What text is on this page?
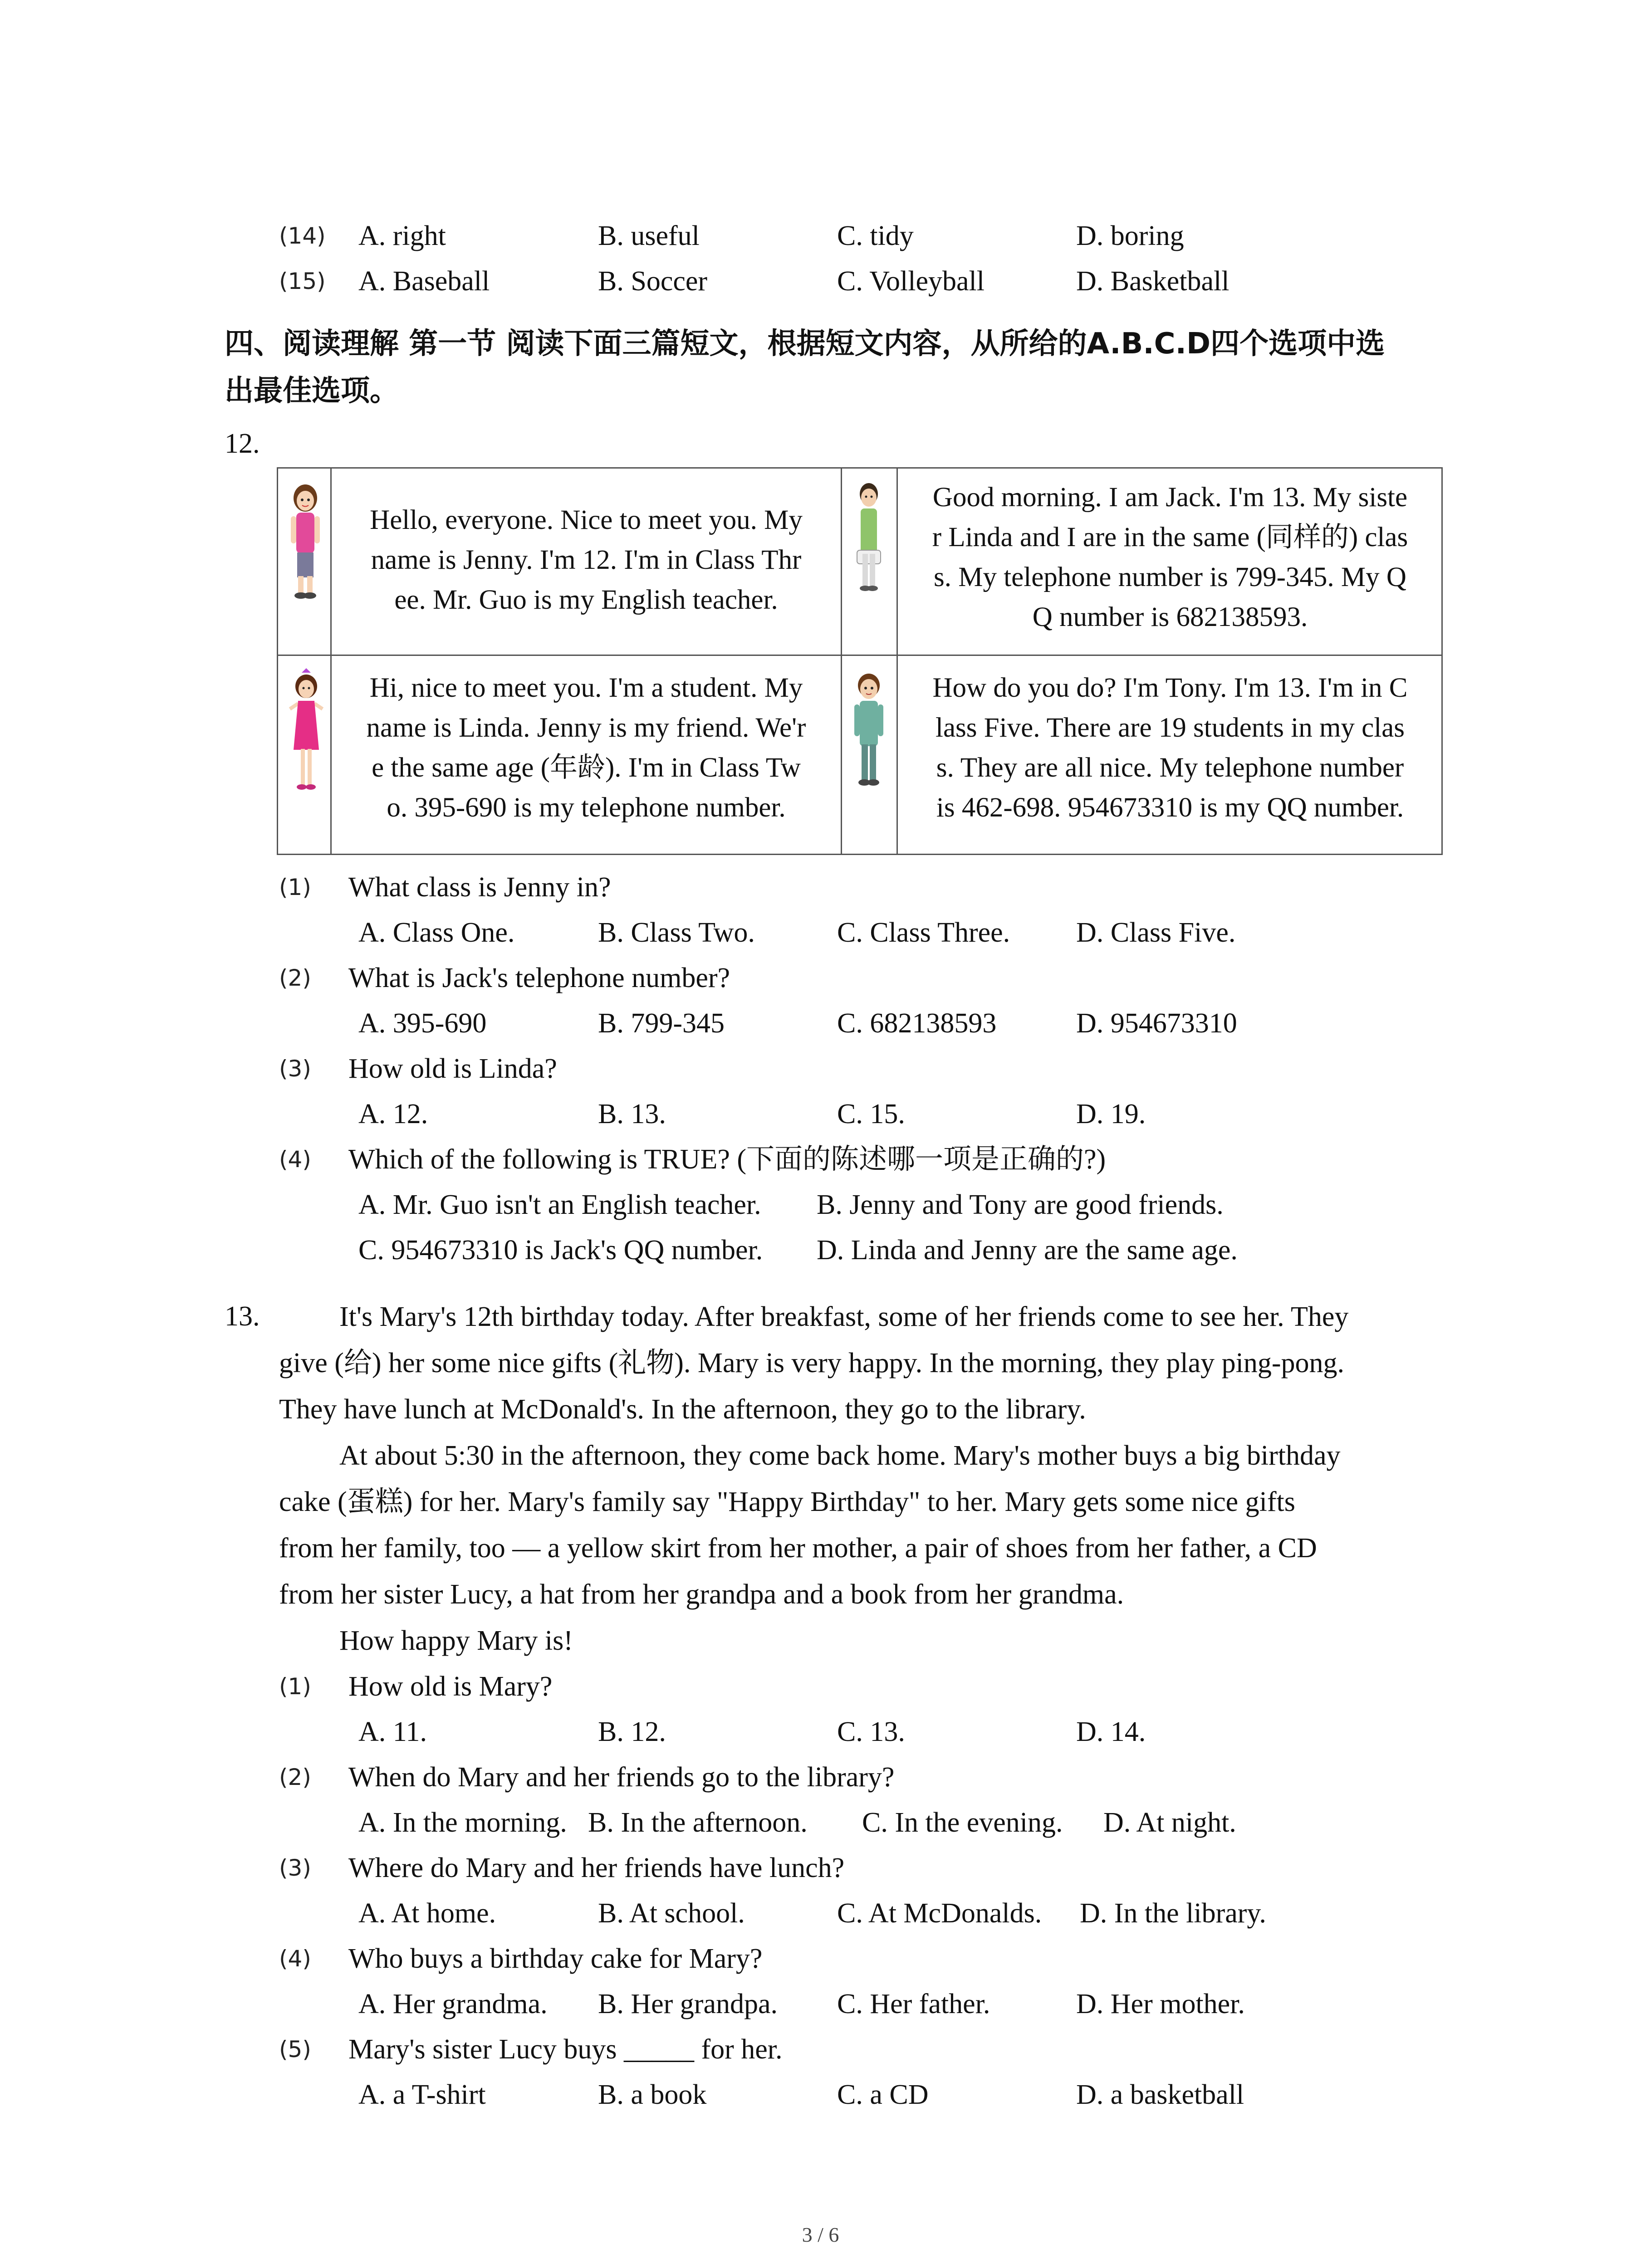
(14) A. right	B. useful	C. tidy	D. boring
(15) A. Baseball	B. Soccer	C. Volleyball	D. Basketball
四、阅读理解 第一节 阅读下面三篇短文，根据短文内容，从所给的A.B.C.D四个选项中选
出最佳选项。
12.
Hello, everyone. Nice to meet you. My
name is Jenny. I'm 12. I'm in Class Thr
ee. Mr. Guo is my English teacher.
Good morning. I am Jack. I'm 13. My siste
r Linda and I are in the same (同样的) clas
s. My telephone number is 799-345. My Q
Q number is 682138593.
Hi, nice to meet you. I'm a student. My
name is Linda. Jenny is my friend. We'r
e the same age (年龄). I'm in Class Tw
o. 395-690 is my telephone number.
How do you do? I'm Tony. I'm 13. I'm in C
lass Five. There are 19 students in my clas
s. They are all nice. My telephone number
is 462-698. 954673310 is my QQ number.
(1) What class is Jenny in?
A. Class One.	B. Class Two.	C. Class Three. D. Class Five.
(2) What is Jack's telephone number?
A. 395-690	B. 799-345	C. 682138593	D. 954673310
(3) How old is Linda?
A. 12.	B. 13.	C. 15.	D. 19.
(4) Which of the following is TRUE? (下面的陈述哪一项是正确的?)
A. Mr. Guo isn't an English teacher. B. Jenny and Tony are good friends.
C. 954673310 is Jack's QQ number. D. Linda and Jenny are the same age.
13.	It's Mary's 12th birthday today. After breakfast, some of her friends come to see her. They
give (给) her some nice gifts (礼物). Mary is very happy. In the morning, they play ping-pong.
They have lunch at McDonald's. In the afternoon, they go to the library.
At about 5:30 in the afternoon, they come back home. Mary's mother buys a big birthday
cake (蛋糕) for her. Mary's family say "Happy Birthday" to her. Mary gets some nice gifts
from her family, too — a yellow skirt from her mother, a pair of shoes from her father, a CD
from her sister Lucy, a hat from her grandpa and a book from her grandma.
How happy Mary is!
(1) How old is Mary?
A. 11.	B. 12.	C. 13.	D. 14.
(2) When do Mary and her friends go to the library?
A. In the morning. B. In the afternoon. C. In the evening. D. At night.
(3) Where do Mary and her friends have lunch?
A. At home.	B. At school.	C. At McDonalds. D. In the library.
(4) Who buys a birthday cake for Mary?
A. Her grandma. B. Her grandpa. C. Her father.	D. Her mother.
(5) Mary's sister Lucy buys _____ for her.
A. a T-shirt	B. a book	C. a CD	D. a basketball
3 / 6
